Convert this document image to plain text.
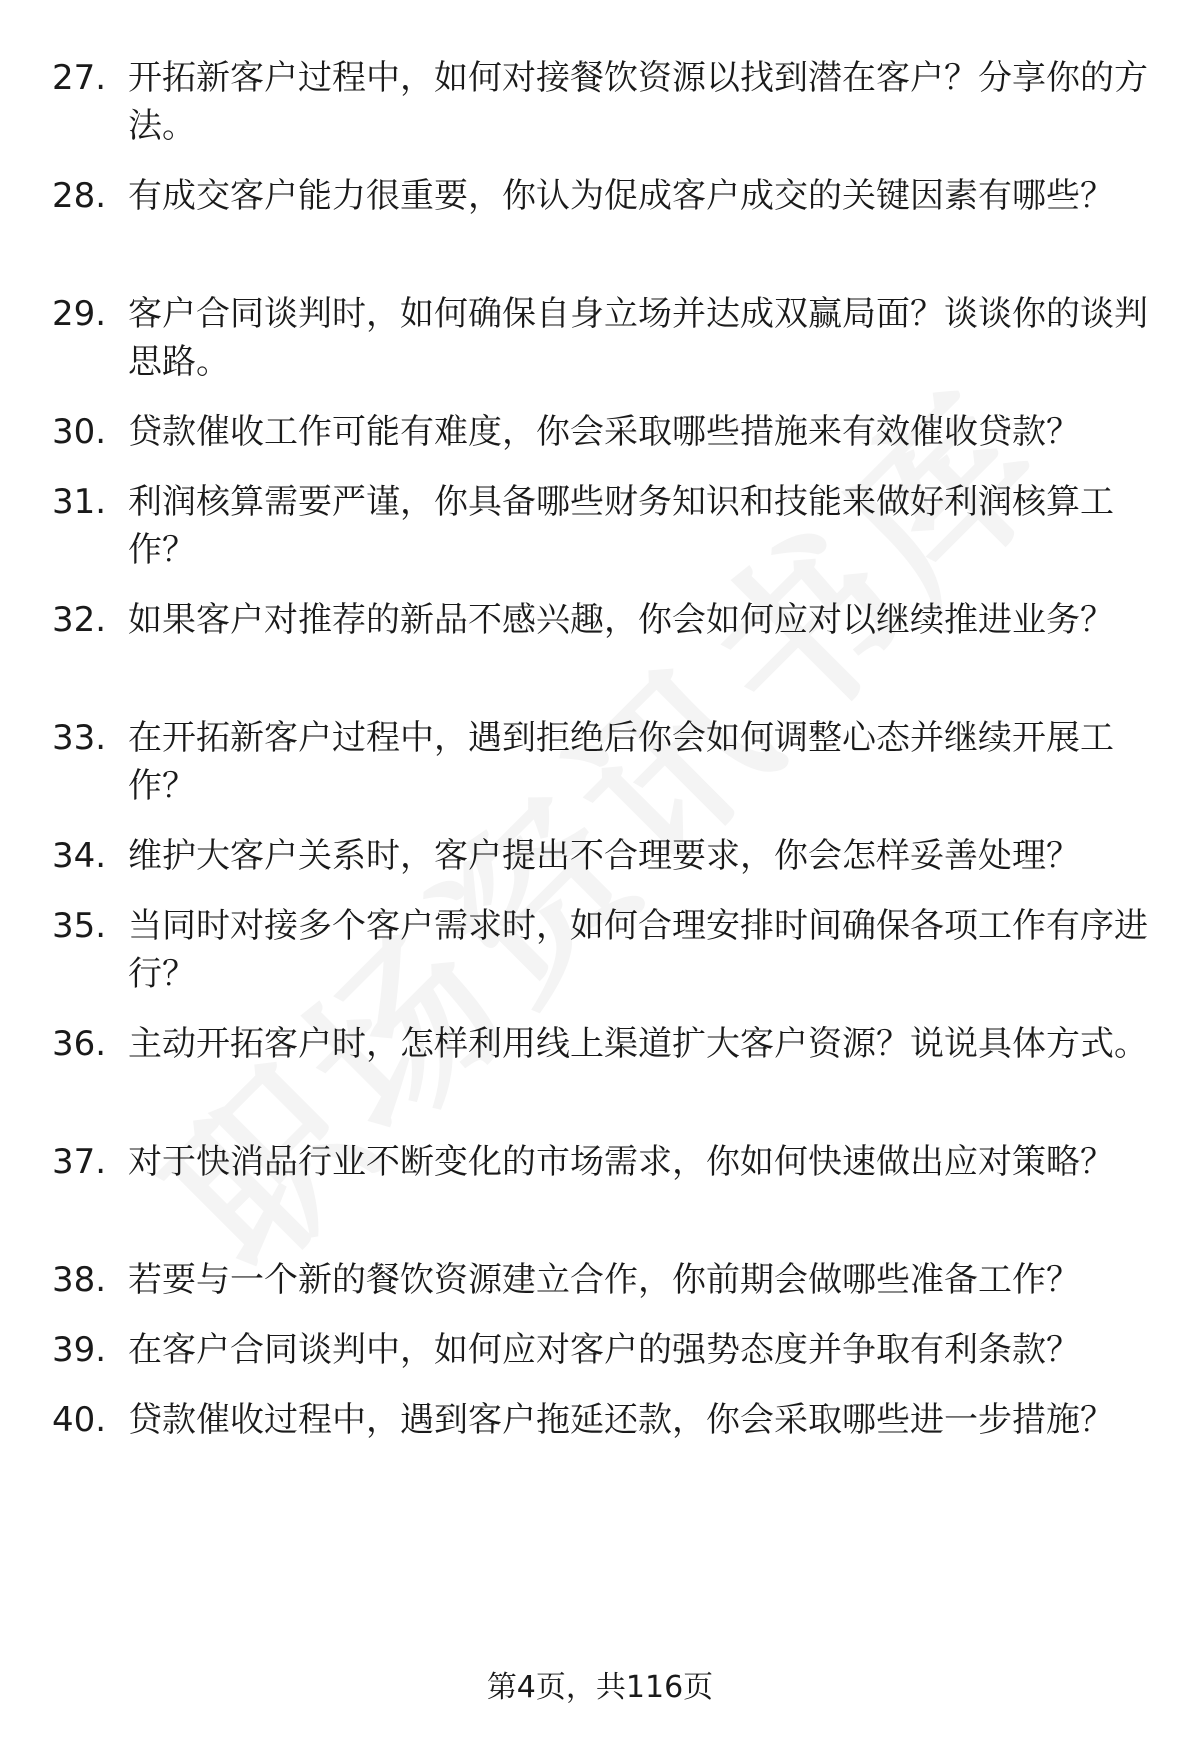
27. 开拓新客户过程中，如何对接餐饮资源以找到潜在客户？分享你的方法。
28. 有成交客户能力很重要，你认为促成客户成交的关键因素有哪些？
29. 客户合同谈判时，如何确保自身立场并达成双赢局面？谈谈你的谈判思路。
30. 贷款催收工作可能有难度，你会采取哪些措施来有效催收贷款？
31. 利润核算需要严谨，你具备哪些财务知识和技能来做好利润核算工作？
32. 如果客户对推荐的新品不感兴趣，你会如何应对以继续推进业务？
33. 在开拓新客户过程中，遇到拒绝后你会如何调整心态并继续开展工作？
34. 维护大客户关系时，客户提出不合理要求，你会怎样妥善处理？
35. 当同时对接多个客户需求时，如何合理安排时间确保各项工作有序进行？
36. 主动开拓客户时，怎样利用线上渠道扩大客户资源？说说具体方式。
37. 对于快消品行业不断变化的市场需求，你如何快速做出应对策略？
38. 若要与一个新的餐饮资源建立合作，你前期会做哪些准备工作？
39. 在客户合同谈判中，如何应对客户的强势态度并争取有利条款？
40. 贷款催收过程中，遇到客户拖延还款，你会采取哪些进一步措施？
第4页，共116页
